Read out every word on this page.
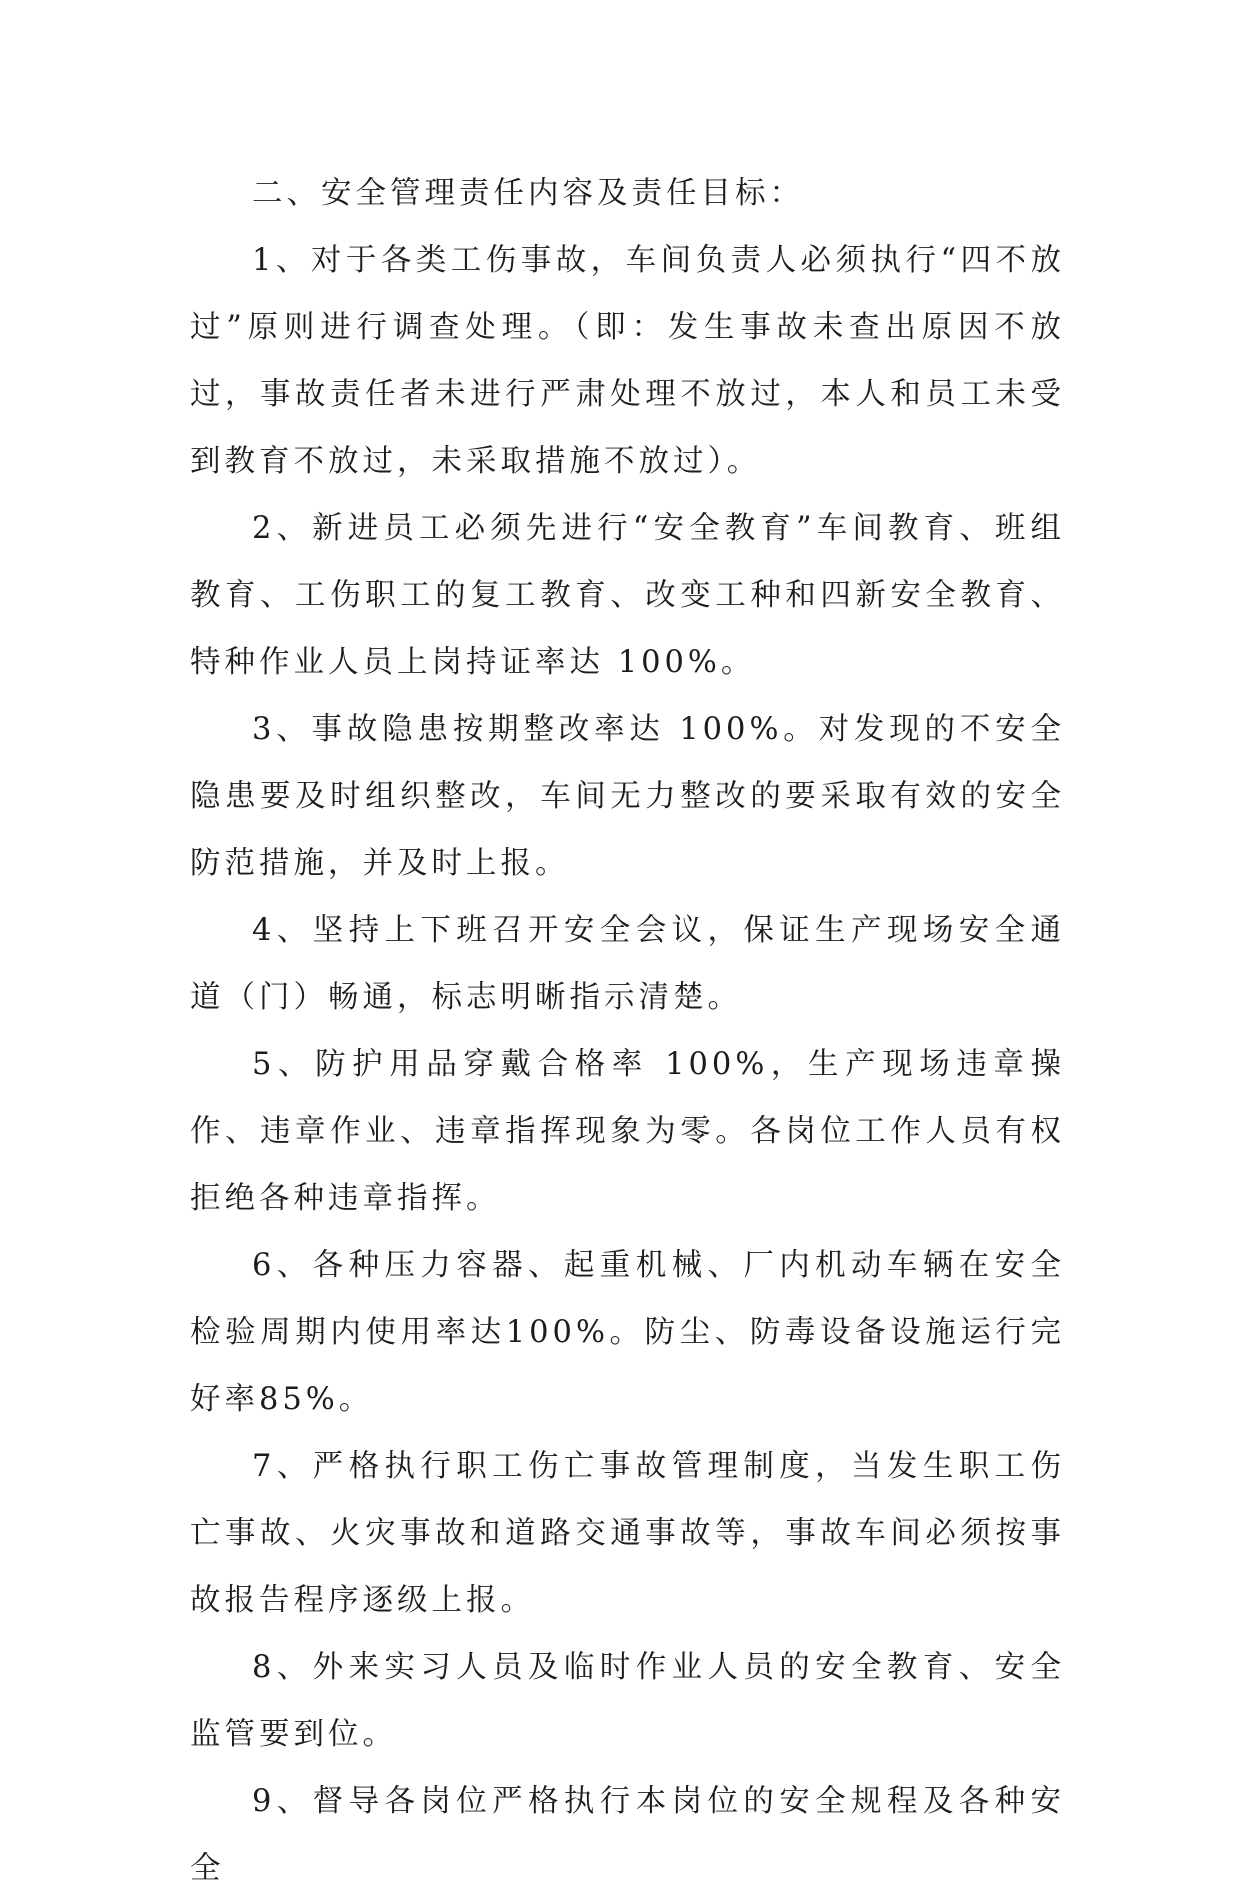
二、安全管理责任内容及责任目标：

1、对于各类工伤事故，车间负责人必须执行“四不放过”原则进行调查处理。（即：发生事故未查出原因不放过，事故责任者未进行严肃处理不放过，本人和员工未受到教育不放过，未采取措施不放过）。

2、新进员工必须先进行“安全教育”车间教育、班组教育、工伤职工的复工教育、改变工种和四新安全教育、特种作业人员上岗持证率达 100%。

3、事故隐患按期整改率达 100%。对发现的不安全隐患要及时组织整改，车间无力整改的要采取有效的安全防范措施，并及时上报。

4、坚持上下班召开安全会议，保证生产现场安全通道（门）畅通，标志明晰指示清楚。

5、防护用品穿戴合格率 100%，生产现场违章操作、违章作业、违章指挥现象为零。各岗位工作人员有权拒绝各种违章指挥。

6、各种压力容器、起重机械、厂内机动车辆在安全检验周期内使用率达100%。防尘、防毒设备设施运行完好率85%。

7、严格执行职工伤亡事故管理制度，当发生职工伤亡事故、火灾事故和道路交通事故等，事故车间必须按事故报告程序逐级上报。

8、外来实习人员及临时作业人员的安全教育、安全监管要到位。

9、督导各岗位严格执行本岗位的安全规程及各种安全
